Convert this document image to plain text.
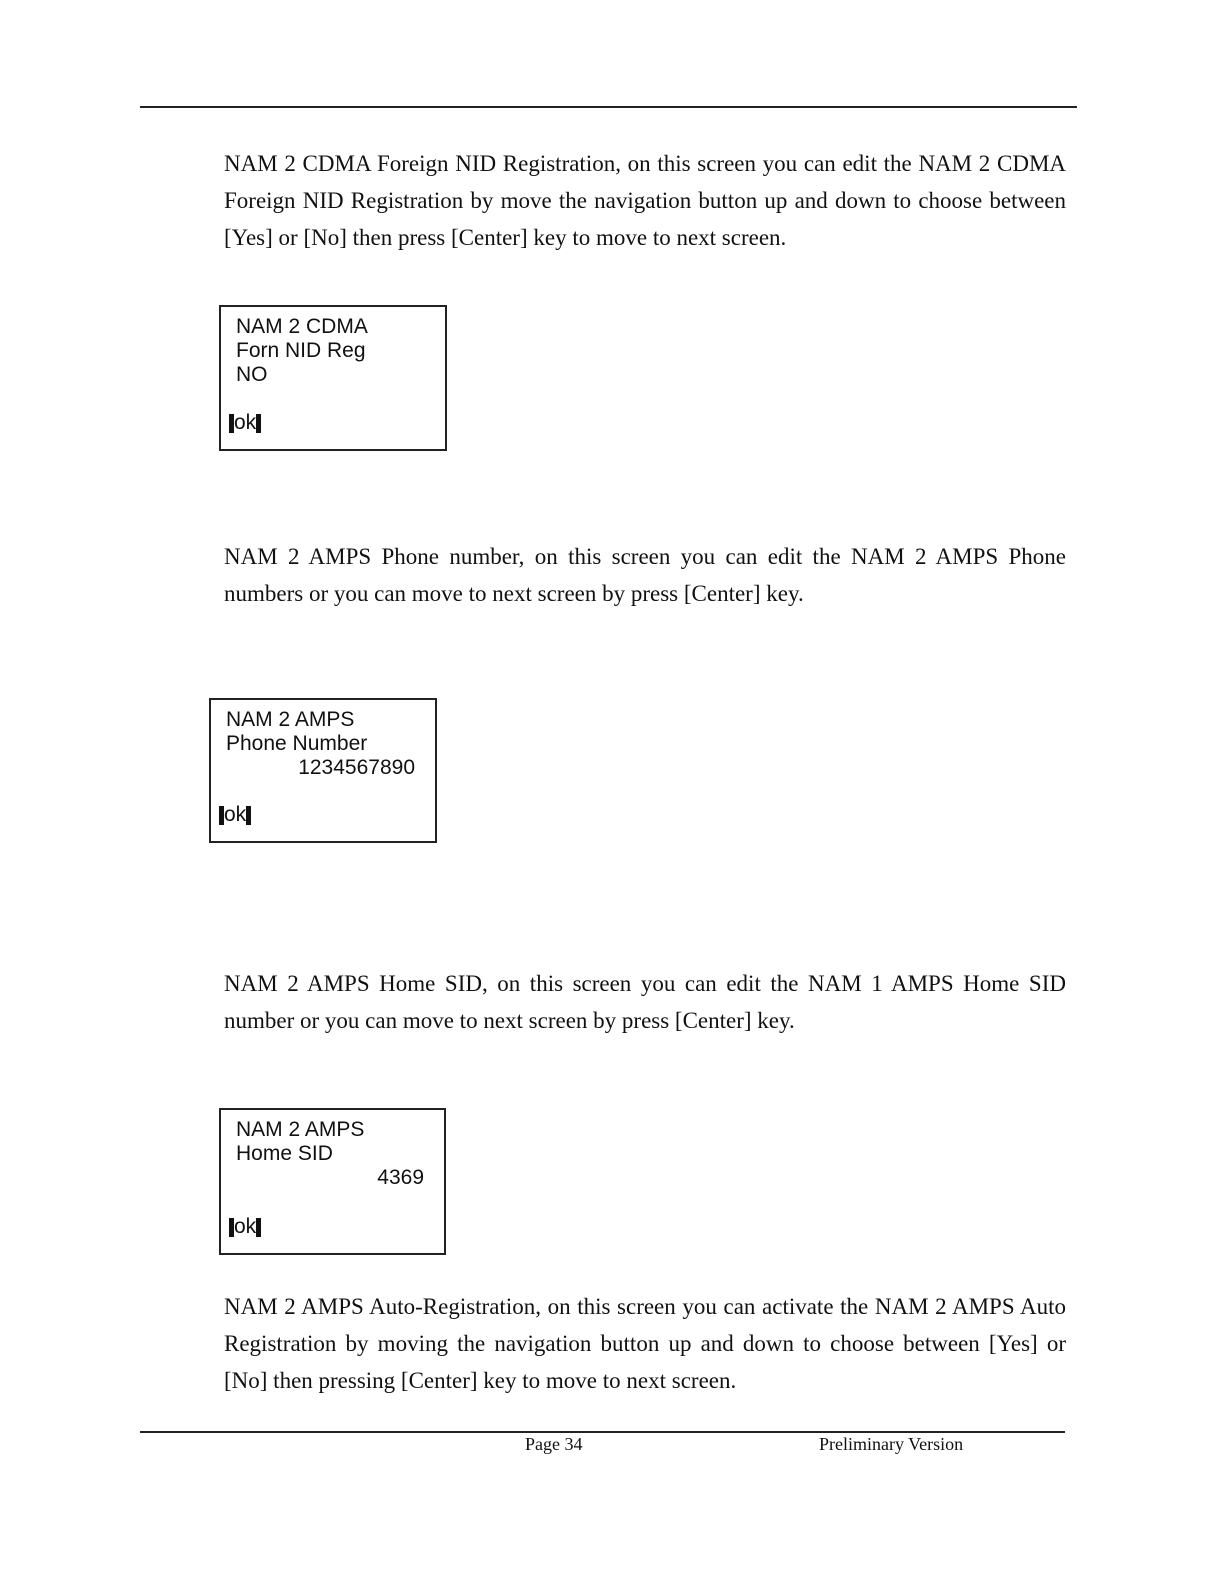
NAM 2 CDMA Foreign NID Registration, on this screen you can edit the NAM 2 CDMA Foreign NID Registration by move the navigation button up and down to choose between [Yes] or [No] then press [Center] key to move to next screen.

NAM 2 CDMA
Forn NID Reg
NO
ok

NAM 2 AMPS Phone number, on this screen you can edit the NAM 2 AMPS Phone numbers or you can move to next screen by press [Center] key.

NAM 2 AMPS
Phone Number
1234567890
ok

NAM 2 AMPS Home SID, on this screen you can edit the NAM 1 AMPS Home SID number or you can move to next screen by press [Center] key.

NAM 2 AMPS
Home SID
4369
ok

NAM 2 AMPS Auto-Registration, on this screen you can activate the NAM 2 AMPS Auto Registration by moving the navigation button up and down to choose between [Yes] or [No] then pressing [Center] key to move to next screen.

Page 34	Preliminary Version
